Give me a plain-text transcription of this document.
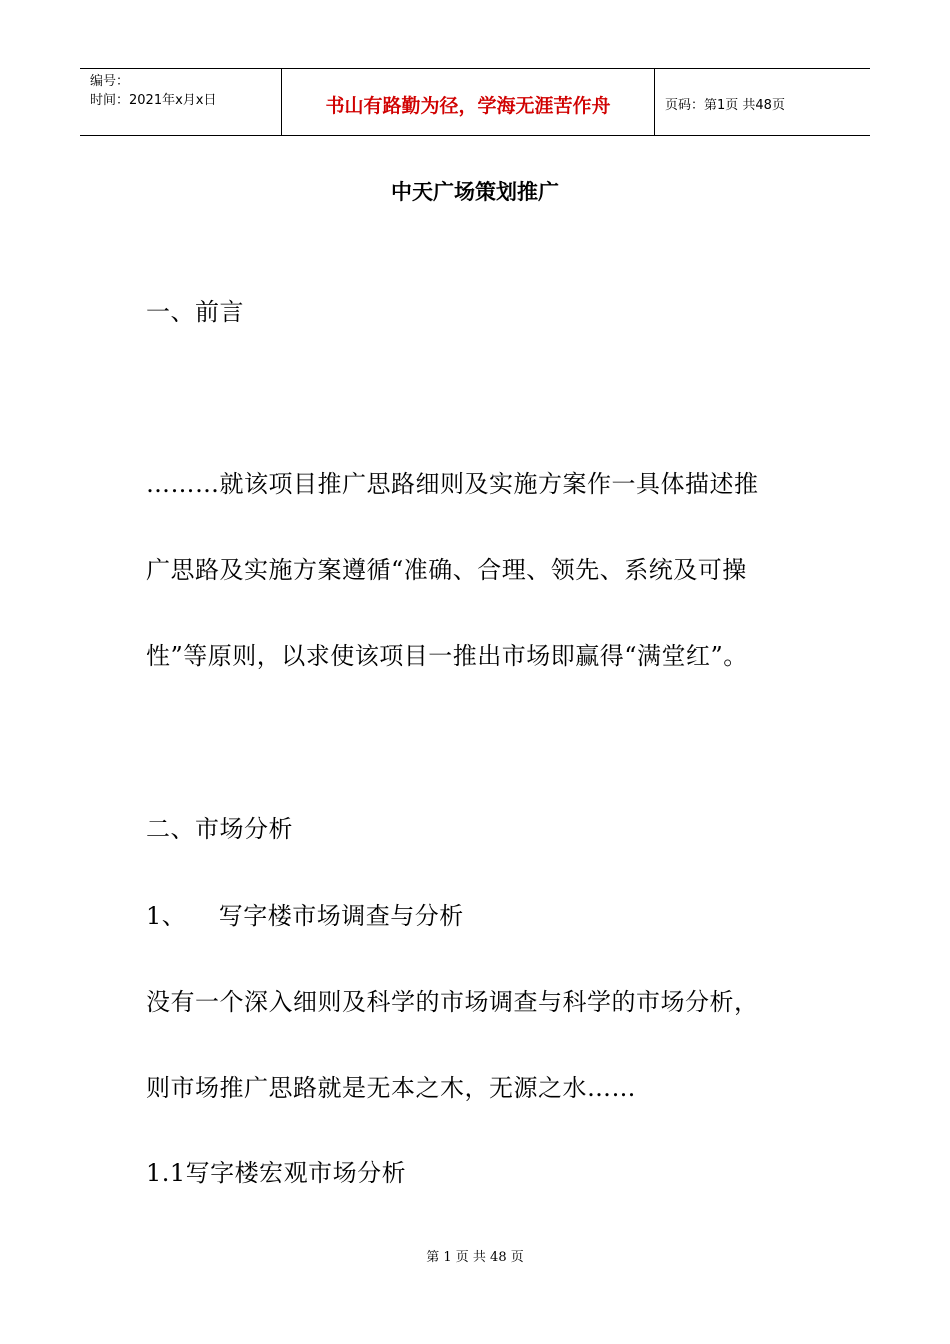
编号：
时间：2021年x月x日	书山有路勤为径，学海无涯苦作舟	页码：第1页 共48页
中天广场策划推广
一、前言
………就该项目推广思路细则及实施方案作一具体描述推
广思路及实施方案遵循“准确、合理、领先、系统及可操
性”等原则，以求使该项目一推出市场即赢得“满堂红”。
二、市场分析
1、    写字楼市场调查与分析
没有一个深入细则及科学的市场调查与科学的市场分析，
则市场推广思路就是无本之木，无源之水……
1.1写字楼宏观市场分析
第 1 页 共 48 页
